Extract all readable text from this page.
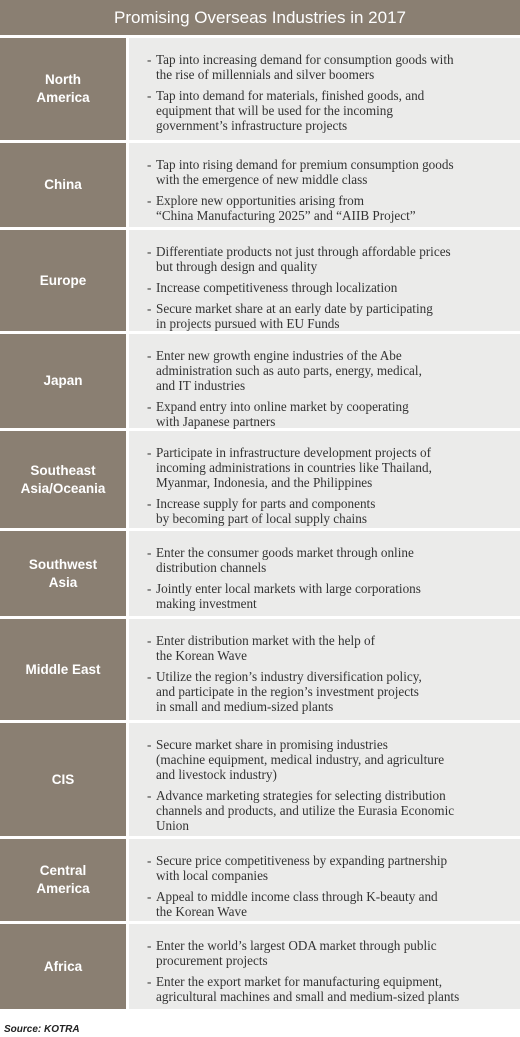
Promising Overseas Industries in 2017
North
America
- Tap into increasing demand for consumption goods with
the rise of millennials and silver boomers
- Tap into demand for materials, finished goods, and
equipment that will be used for the incoming
government’s infrastructure projects
China
- Tap into rising demand for premium consumption goods
with the emergence of new middle class
- Explore new opportunities arising from
“China Manufacturing 2025” and “AIIB Project”
Europe
- Differentiate products not just through affordable prices
but through design and quality
- Increase competitiveness through localization
- Secure market share at an early date by participating
in projects pursued with EU Funds
Japan
- Enter new growth engine industries of the Abe
administration such as auto parts, energy, medical,
and IT industries
- Expand entry into online market by cooperating
with Japanese partners
Southeast
Asia/Oceania
- Participate in infrastructure development projects of
incoming administrations in countries like Thailand,
Myanmar, Indonesia, and the Philippines
- Increase supply for parts and components
by becoming part of local supply chains
Southwest
Asia
- Enter the consumer goods market through online
distribution channels
- Jointly enter local markets with large corporations
making investment
Middle East
- Enter distribution market with the help of
the Korean Wave
- Utilize the region’s industry diversification policy,
and participate in the region’s investment projects
in small and medium-sized plants
CIS
- Secure market share in promising industries
(machine equipment, medical industry, and agriculture
and livestock industry)
- Advance marketing strategies for selecting distribution
channels and products, and utilize the Eurasia Economic
Union
Central
America
- Secure price competitiveness by expanding partnership
with local companies
- Appeal to middle income class through K-beauty and
the Korean Wave
Africa
- Enter the world’s largest ODA market through public
procurement projects
- Enter the export market for manufacturing equipment,
agricultural machines and small and medium-sized plants
Source: KOTRA
